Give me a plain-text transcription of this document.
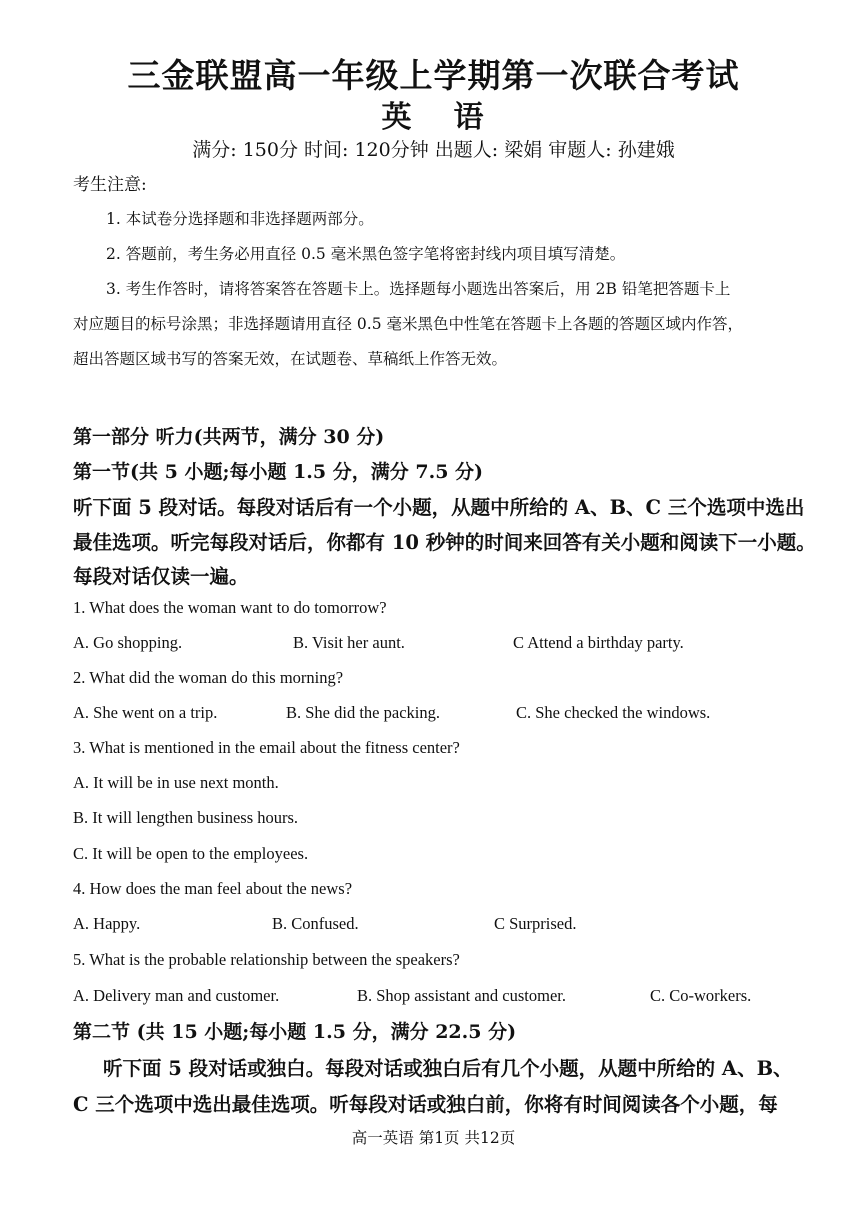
三金联盟高一年级上学期第一次联合考试
英语
满分: 150分 时间: 120分钟 出题人: 梁娟 审题人: 孙建娥
考生注意:
1. 本试卷分选择题和非选择题两部分。
2. 答题前，考生务必用直径 0.5 毫米黑色签字笔将密封线内项目填写清楚。
3. 考生作答时，请将答案答在答题卡上。选择题每小题选出答案后，用 2B 铅笔把答题卡上
对应题目的标号涂黑；非选择题请用直径 0.5 毫米黑色中性笔在答题卡上各题的答题区域内作答，
超出答题区域书写的答案无效，在试题卷、草稿纸上作答无效。
第一部分 听力(共两节，满分 30 分)
第一节(共 5 小题;每小题 1.5 分，满分 7.5 分)
听下面 5 段对话。每段对话后有一个小题，从题中所给的 A、B、C 三个选项中选出
最佳选项。听完每段对话后，你都有 10 秒钟的时间来回答有关小题和阅读下一小题。
每段对话仅读一遍。
1. What does the woman want to do tomorrow?
A. Go shopping.	B. Visit her aunt.	C Attend a birthday party.
2. What did the woman do this morning?
A. She went on a trip.	B. She did the packing.	C. She checked the windows.
3. What is mentioned in the email about the fitness center?
A. It will be in use next month.
B. It will lengthen business hours.
C. It will be open to the employees.
4. How does the man feel about the news?
A. Happy.	B. Confused.	C Surprised.
5. What is the probable relationship between the speakers?
A. Delivery man and customer.	B. Shop assistant and customer.	C. Co-workers.
第二节 (共 15 小题;每小题 1.5 分，满分 22.5 分)
听下面 5 段对话或独白。每段对话或独白后有几个小题，从题中所给的 A、B、
C 三个选项中选出最佳选项。听每段对话或独白前，你将有时间阅读各个小题，每
高一英语 第1页 共12页
